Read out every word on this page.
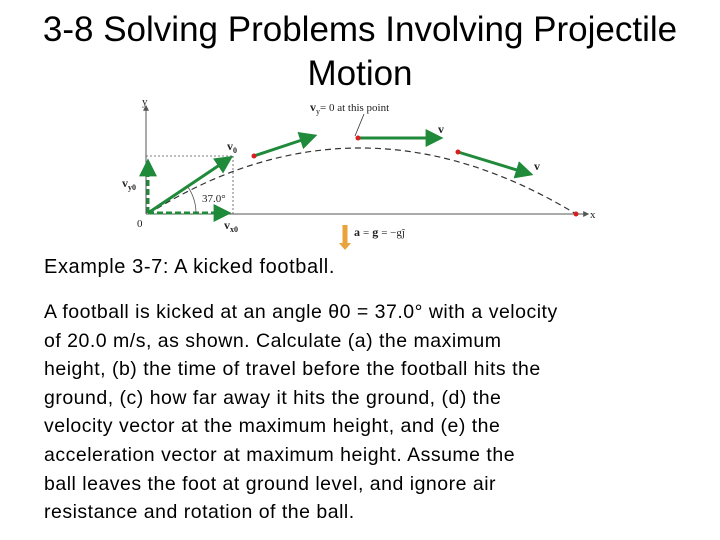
3-8 Solving Problems Involving Projectile Motion
y
x
0
37.0°
$v_0$
$v_{y0}$
$v_{x0}$
v
$v_y= 0$ at this point
v
a = g = −gĵ
Example 3-7: A kicked football.
A football is kicked at an angle θ0 = 37.0° with a velocity
of 20.0 m/s, as shown. Calculate (a) the maximum
height, (b) the time of travel before the football hits the
ground, (c) how far away it hits the ground, (d) the
velocity vector at the maximum height, and (e) the
acceleration vector at maximum height. Assume the
ball leaves the foot at ground level, and ignore air
resistance and rotation of the ball.
